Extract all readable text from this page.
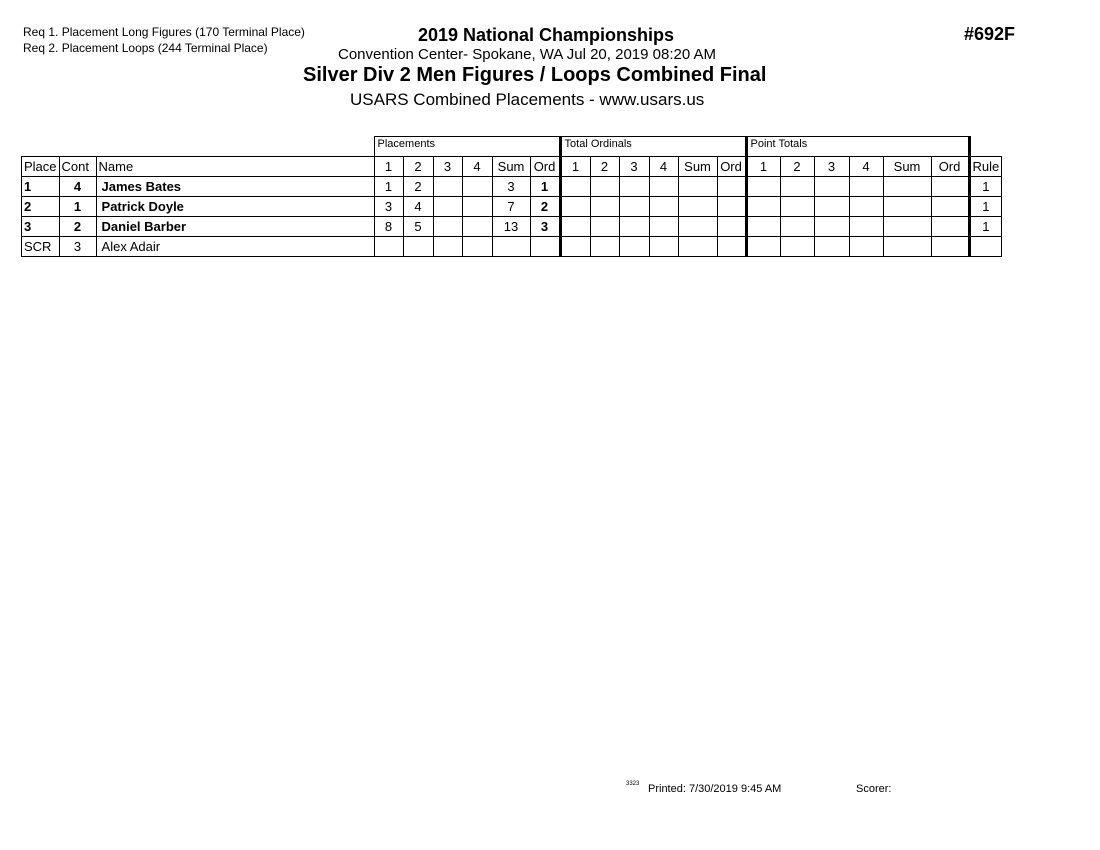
Req 1. Placement Long Figures (170 Terminal Place)
Req 2. Placement Loops (244 Terminal Place)
2019 National Championships
Convention Center- Spokane, WA Jul 20, 2019 08:20 AM
Silver Div 2 Men Figures / Loops Combined Final
USARS Combined Placements - www.usars.us
#692F
			Placements						Total Ordinals						Point Totals						
Place	Cont	Name	1	2	3	4	Sum	Ord	1	2	3	4	Sum	Ord	1	2	3	4	Sum	Ord	Rule
1	4	James Bates	1	2			3	1													1
2	1	Patrick Doyle	3	4			7	2													1
3	2	Daniel Barber	8	5			13	3													1
SCR	3	Alex Adair																			
3323 Printed: 7/30/2019 9:45 AM	Scorer:
